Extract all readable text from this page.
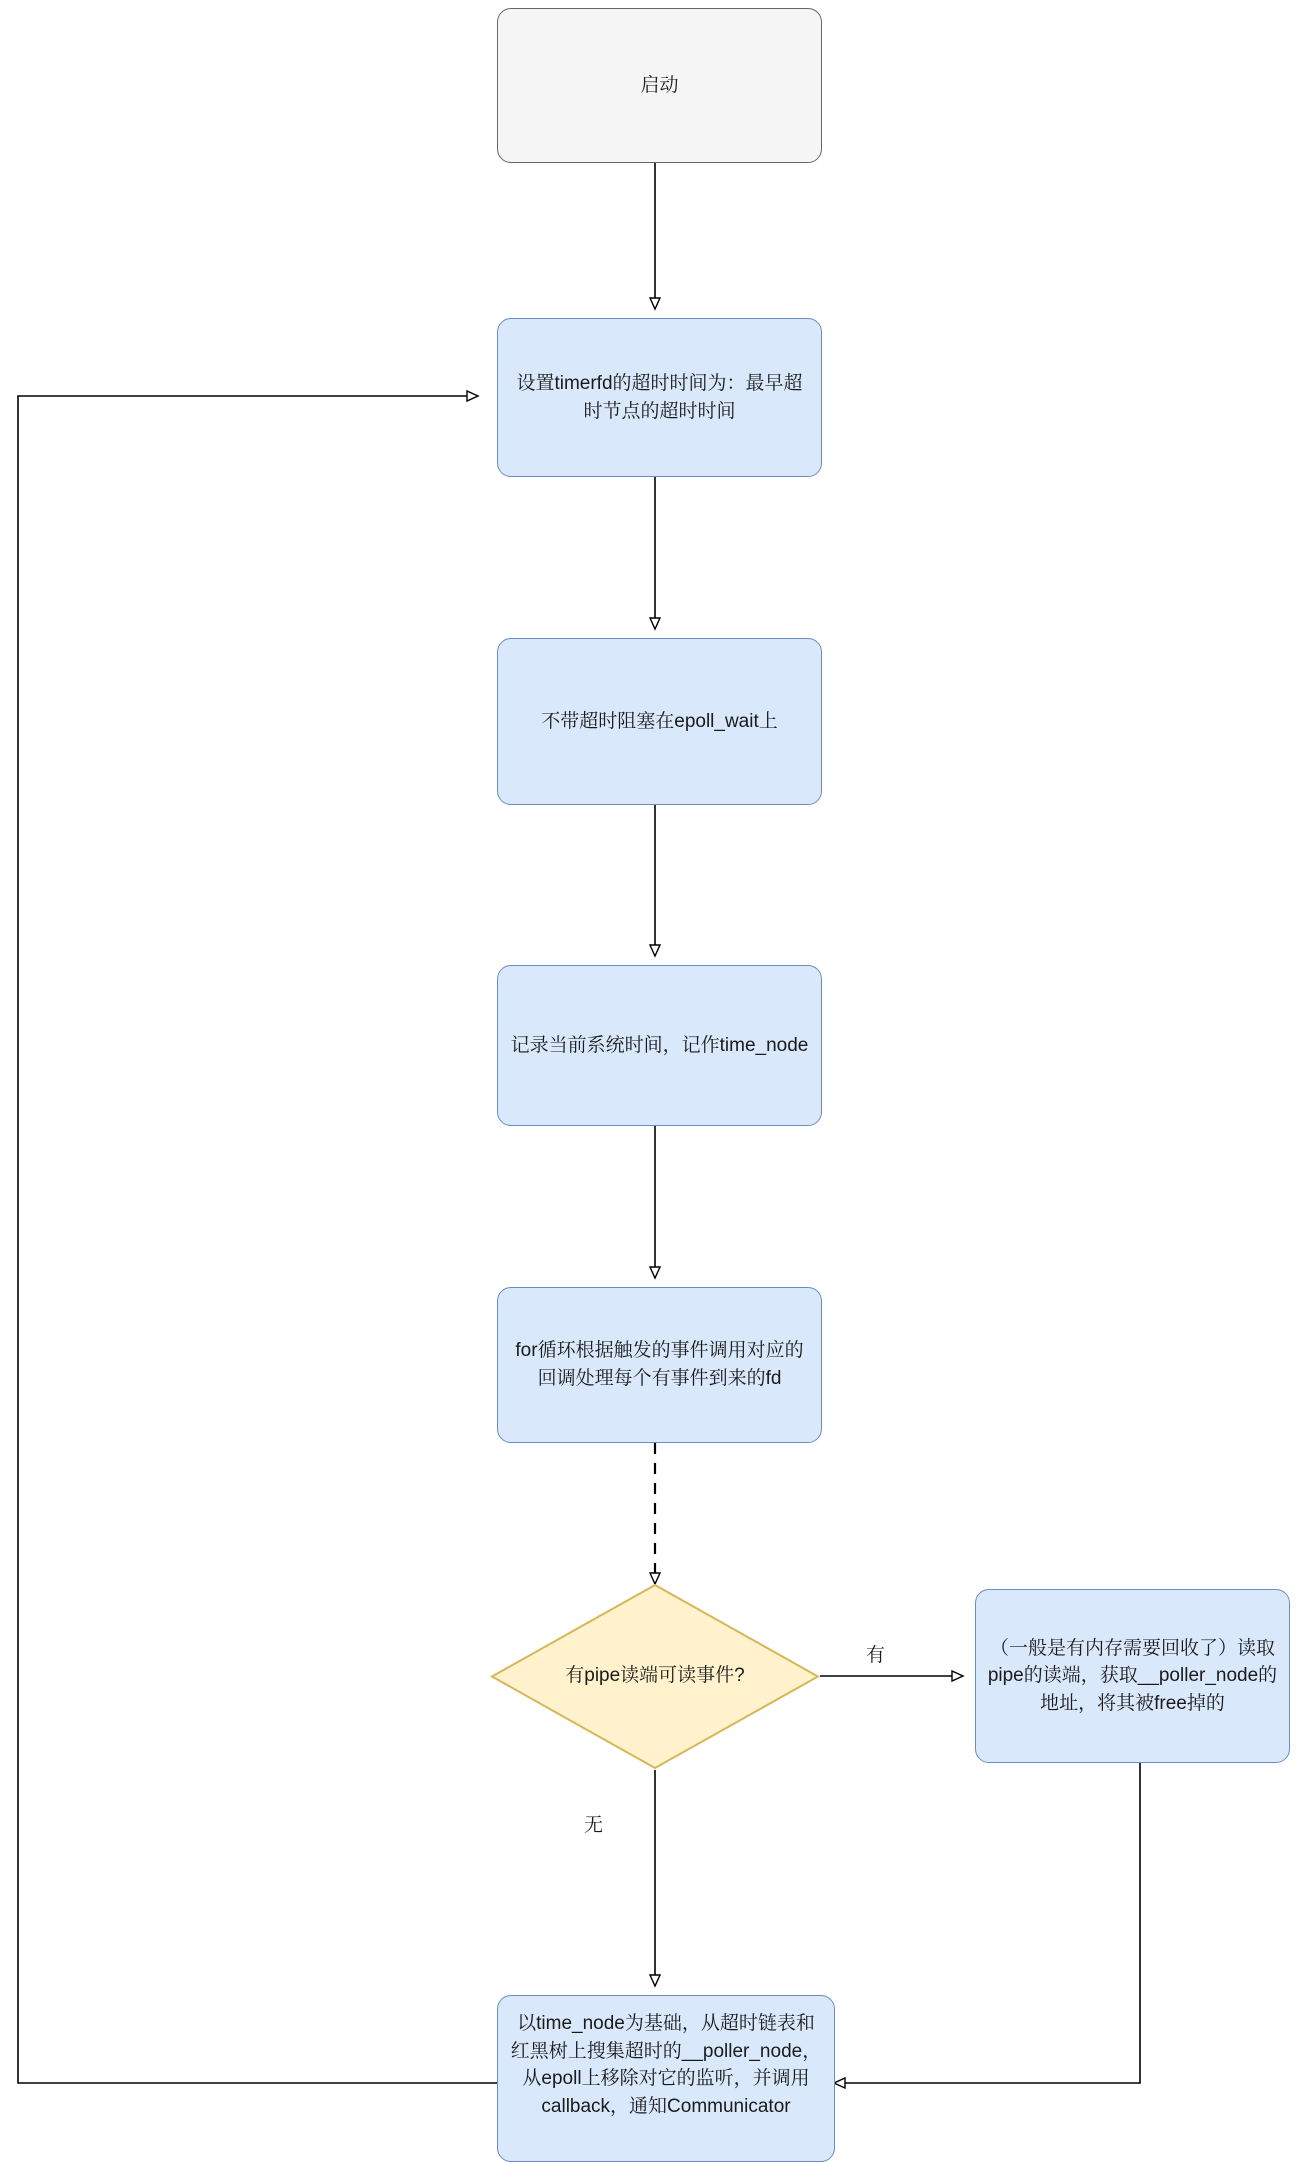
启动
设置timerfd的超时时间为：最早超时节点的超时时间
不带超时阻塞在epoll_wait上
记录当前系统时间，记作time_node
for循环根据触发的事件调用对应的回调处理每个有事件到来的fd
有pipe读端可读事件?
（一般是有内存需要回收了）读取pipe的读端，获取__poller_node的地址，将其被free掉的
以time_node为基础，从超时链表和红黑树上搜集超时的__poller_node，从epoll上移除对它的监听，并调用callback，通知Communicator
有
无
